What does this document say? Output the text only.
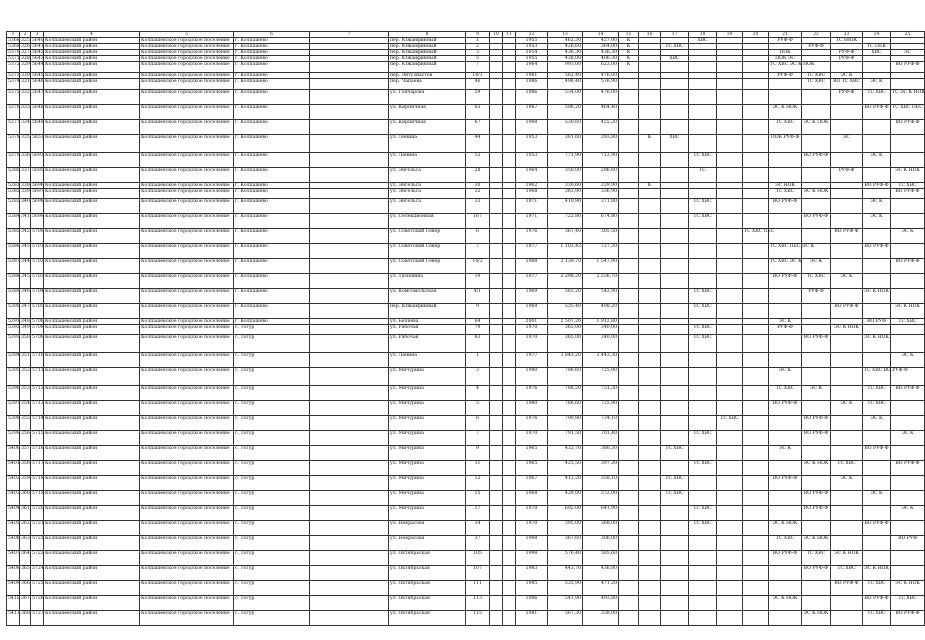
1	2	3	4	5	6	7	8	9	10	11	12	13	14	15	16	17	18	19	20	21	22	23	24	25
5368	325	5640	Колпашевский район	Колпашевское городское поселение	г. Колпашево		пер. Южанфинный	1			1955	462,30	427,00	К			ХВС			РУФ-Ф		ТС НЮК		
5369	326	5641	Колпашевский район	Колпашевское городское поселение	г. Колпашево		пер. Южанфинный	2			1953	426,60	364,00	К		ТС ХВС					РУФ-Ф		ТС ПЕК	
5370	327	5642	Колпашевский район	Колпашевское городское поселение	г. Колпашево		пер. Южанфинный	3			1954	436,30	436,30	К						ПОК		РУФ-Ф	ХВС	ЭС
5371	328	5643	Колпашевский район	Колпашевское городское поселение	г. Колпашево		пер. Южанфинный	5			1955	438,00	406,30	К		ХВС				ПОК ЭС		РУФ-Ф		
5372	329	5644	Колпашевский район	Колпашевское городское поселение	г. Колпашево		пер. Южанфинный	7			1964	993,00	623,00	К						ТС ХВС ЭС К НОК				ВО РУФ-Ф
5373	330	5645	Колпашевский район	Колпашевское городское поселение	г. Колпашево		пер. Энтузиастов	14/1			1981	562,40	476,00							РУФ-Ф	ТС ХВС	ЭС К		
5374	331	5646	Колпашевский район	Колпашевское городское поселение	г. Колпашево		пер. Чапаева	46			1986	496,40	576,90								ТС ХВС	ВО ТС ХВС	ЭС К	
5375	332	5647	Колпашевский район	Колпашевское городское поселение	г. Колпашево		ул. Гончарова	59			1986	534,00	476,00									РУФ-Ф	ТС ХВС	ТС ЭС К НОК
5376	333	5648	Колпашевский район	Колпашевское городское поселение	г. Колпашево		ул. Кирпичная	63			1987	596,20	464,40							ЭС К НОК			ВО РУФ-Ф	ТС ХВС ПЕС
5377	334	5649	Колпашевский район	Колпашевское городское поселение	г. Колпашево		ул. Кирпичная	67			1988	530,60	455,20							ТС ХВС	ЭС К ПОК			ВО РУФ-Ф
5378	335	5651	Колпашевский район	Колпашевское городское поселение	г. Колпашево		ул. Ленина	44			1953	381,60	293,80		К	ХВС				ПОК РУФ-Ф		ЭС		
5379	336	5692	Колпашевский район	Колпашевское городское поселение	г. Колпашево		ул. Ленина	53			1953	771,90	712,90				ТС ХВС				ВО РУФ-Ф		ЭС К	
5380	337	5695	Колпашевский район	Колпашевское городское поселение	г. Колпашево		ул. Энгельса	28			1964	350,00	296,60				ТС					РУФ-Ф		ЭС К НОК
5381	338	5696	Колпашевский район	Колпашевское городское поселение	г. Колпашево		ул. Энгельса	30			1962	330,60	339,90		К					ЭС НОК			ВО РУФ-Ф	ТС ХВС
5382	339	5697	Колпашевский район	Колпашевское городское поселение	г. Колпашево		ул. Энгельса	32			1968	363,90	336,90							ТС ХВС	ЭС К НОК			ВО РУФ-Ф
5383	340	5698	Колпашевский район	Колпашевское городское поселение	г. Колпашево		ул. Энгельса	33			1971	410,90	371,80				ТС ХВС			ВО РУФ-Ф			ЭС К	
5384	341	5699	Колпашевский район	Колпашевское городское поселение	г. Колпашево		ул. Селекционная	167			1971	722,80	674,80				ТС ХВС				ВО РУФ-Ф		ЭС К	
5385	342	5700	Колпашевский район	Колпашевское городское поселение	г. Колпашево		ул. Советский Север	6			1976	367,40	305,50						ТС ХВС ПЕС			ВО РУФ-Ф		ЭС К
5386	343	5701	Колпашевский район	Колпашевское городское поселение	г. Колпашево		ул. Советский Север	7			1977	1 103,43	727,20							ТС ХВС ПЕС ЭС К			ВО РУФ-Ф	
5387	344	5702	Колпашевский район	Колпашевское городское поселение	г. Колпашево		ул. Советский Север	14/2			1988	2 139,70	1 547,90							ТС ХВС ЭС К	ЭС К			ВО РУФ-Ф
5388	345	5703	Колпашевский район	Колпашевское городское поселение	г. Колпашево		ул. Тюленина	19			1977	2 298,20	2 236,70							ВО РУФ-Ф	ТС ХВС	ЭС К		
5389	346	5704	Колпашевский район	Колпашевское городское поселение	г. Колпашево		ул. Комсомольская	4/1			1969	563,20	542,90				ТС ХВС				РУФ-Ф		ЭС К НОК	
5390	347	5705	Колпашевский район	Колпашевское городское поселение	г. Колпашево		пер. Южанфинный	9			1969	535,40	498,20				ТС ХВС					ВО РУФ-Ф		ЭС К НОК
5391	348	5706	Колпашевский район	Колпашевское городское поселение	г. Колпашево		ул. Беляева	64			2001	2 507,26	1 912,80							ЭС К			ВО РУФ	ТС ХВС
5392	349	5708	Колпашевский район	Колпашевское городское поселение	с. Тогур		ул. Рабочая	79			1970	365,00	340,00				ТС ХВС			РУФ-Ф		ЭС К НОК		
5393	350	5709	Колпашевский район	Колпашевское городское поселение	с. Тогур		ул. Рабочая	83			1970	365,00	340,00				ТС ХВС				ВО РУФ-Ф		ЭС К НОК	
5394	351	5710	Колпашевский район	Колпашевское городское поселение	с. Тогур		ул. Ленина	1			1977	3 843,20	3 443,30											ЭС К
5395	352	5711	Колпашевский район	Колпашевское городское поселение	с. Тогур		ул. Мичурина	3			1980	786,60	725,90							ЭС К			ТС ХВС ВО РУФ-Ф	
5396	353	5712	Колпашевский район	Колпашевское городское поселение	с. Тогур		ул. Мичурина	4			1976	788,20	731,30							ТС ХВС	ЭС К		ТС ХВС	ВО РУФ-Ф
5397	354	5713	Колпашевский район	Колпашевское городское поселение	с. Тогур		ул. Мичурина	5			1980	786,60	725,90							ВО РУФ-Ф		ЭС К	ТС ХВС	
5398	355	5714	Колпашевский район	Колпашевское городское поселение	с. Тогур		ул. Мичурина	6			1976	790,80	734,10					ТС ХВС			ВО РУФ-Ф		ЭС К	
5399	356	5715	Колпашевский район	Колпашевское городское поселение	с. Тогур		ул. Мичурина	7			1970	791,50	701,40				ТС ХВС				ВО РУФ-Ф			ЭС К
5400	357	5716	Колпашевский район	Колпашевское городское поселение	с. Тогур		ул. Мичурина	9			1965	432,70	380,30			ТС ХВС				ЭС К			ВО РУФ-Ф	
5401	358	5717	Колпашевский район	Колпашевское городское поселение	с. Тогур		ул. Мичурина	11			1965	425,50	397,20				ТС ХВС				ЭС К НОК	ТС ХВС		ВО РУФ-Ф
5402	359	5718	Колпашевский район	Колпашевское городское поселение	с. Тогур		ул. Мичурина	12			1967	412,20	358,10			ТС ХВС				ВО РУФ-Ф		ЭС К		
5403	360	5719	Колпашевский район	Колпашевское городское поселение	с. Тогур		ул. Мичурина	15			1968	428,00	372,00			ТС ХВС					ВО РУФ-Ф		ЭС К	
5404	361	5720	Колпашевский район	Колпашевское городское поселение	с. Тогур		ул. Мичурина	17			1970	692,00	641,90				ТС ХВС				ВО РУФ-Ф			ЭС К
5405	362	5721	Колпашевский район	Колпашевское городское поселение	с. Тогур		ул. Некрасова	34			1970	395,00	368,00				ТС ХВС			ЭС К НОК			ВО РУФ-Ф	
5406	363	5722	Колпашевский район	Колпашевское городское поселение	с. Тогур		ул. Некрасова	37			1988	367,60	306,00							ТС ХВС	ЭС К НОК			ВО РУФ
5407	364	5723	Колпашевский район	Колпашевское городское поселение	с. Тогур		ул. Октябрьская	105			1998	576,40	505,60							ВО РУФ-Ф	ТС ХВС	ЭС К НОК		
5408	365	5724	Колпашевский район	Колпашевское городское поселение	с. Тогур		ул. Октябрьская	107			1983	443,70	436,80								ВО РУФ-Ф	ТС ХВС	ЭС К НОК	
5409	366	5725	Колпашевский район	Колпашевское городское поселение	с. Тогур		ул. Октябрьская	111			1985	535,90	471,20									ВО РУФ-Ф	ТС ХВС	ЭС К НОК
5410	367	5726	Колпашевский район	Колпашевское городское поселение	с. Тогур		ул. Октябрьская	113			1986	541,90	493,80							ЭС К НОК			ВО РУФ-Ф	ТС ХВС
5411	368	5727	Колпашевский район	Колпашевское городское поселение	с. Тогур		ул. Октябрьская	115			1981	367,30	338,00								ЭС К НОК		ТС ХВС	ВО РУФ-Ф
